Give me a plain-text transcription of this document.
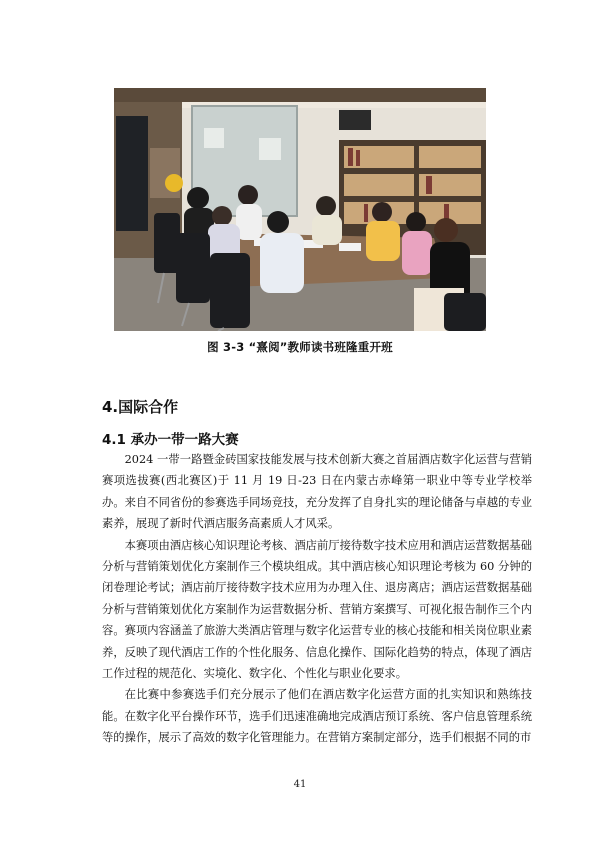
图 3-3 “熹阅”教师读书班隆重开班
4.国际合作
4.1 承办一带一路大赛

2024 一带一路暨金砖国家技能发展与技术创新大赛之首届酒店数字化运营与营销赛项选拔赛(西北赛区)于 11 月 19 日-23 日在内蒙古赤峰第一职业中等专业学校举办。来自不同省份的参赛选手同场竞技，充分发挥了自身扎实的理论储备与卓越的专业素养，展现了新时代酒店服务高素质人才风采。

本赛项由酒店核心知识理论考核、酒店前厅接待数字技术应用和酒店运营数据基础分析与营销策划优化方案制作三个模块组成。其中酒店核心知识理论考核为 60 分钟的闭卷理论考试；酒店前厅接待数字技术应用为办理入住、退房离店；酒店运营数据基础分析与营销策划优化方案制作为运营数据分析、营销方案撰写、可视化报告制作三个内容。赛项内容涵盖了旅游大类酒店管理与数字化运营专业的核心技能和相关岗位职业素养，反映了现代酒店工作的个性化服务、信息化操作、国际化趋势的特点，体现了酒店工作过程的规范化、实境化、数字化、个性化与职业化要求。

在比赛中参赛选手们充分展示了他们在酒店数字化运营方面的扎实知识和熟练技能。在数字化平台操作环节，选手们迅速准确地完成酒店预订系统、客户信息管理系统等的操作，展示了高效的数字化管理能力。在营销方案制定部分，选手们根据不同的市

41
